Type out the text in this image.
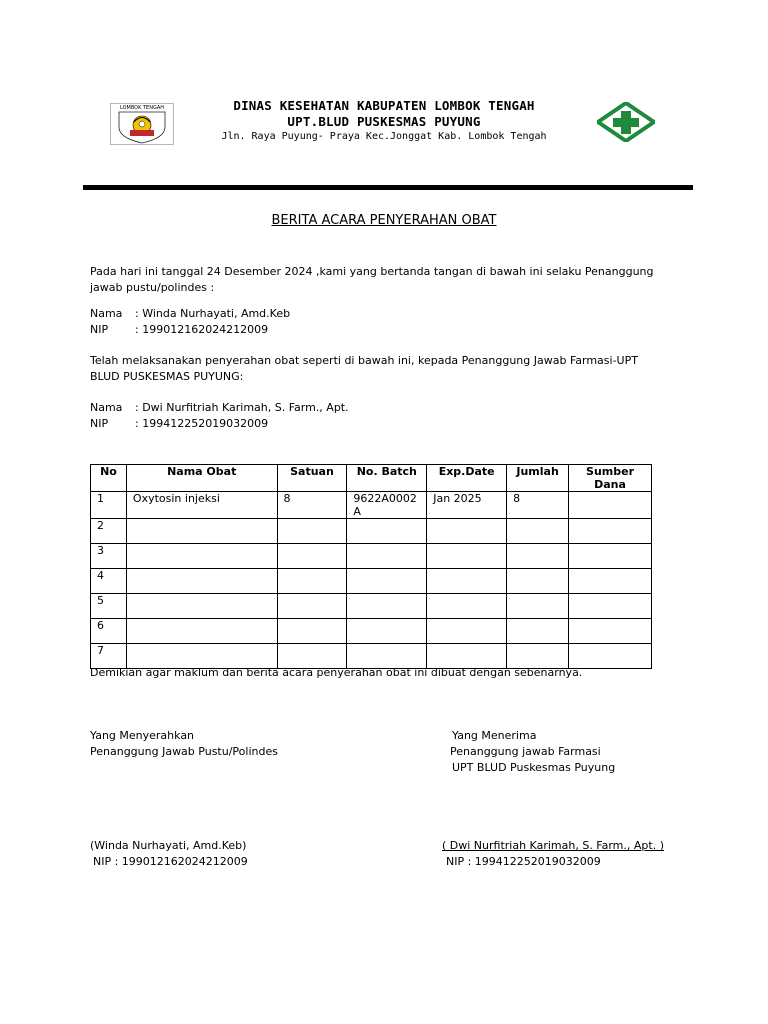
LOMBOK TENGAH	DINAS KESEHATAN KABUPATEN LOMBOK TENGAH
UPT.BLUD PUSKESMAS PUYUNG
Jln. Raya Puyung- Praya Kec.Jonggat Kab. Lombok Tengah
BERITA ACARA PENYERAHAN OBAT
Pada hari ini tanggal 24 Desember 2024 ,kami yang bertanda tangan di bawah ini selaku Penanggung
jawab pustu/polindes :
Nama : Winda Nurhayati, Amd.Keb
NIP : 199012162024212009
Telah melaksanakan penyerahan obat seperti di bawah ini, kepada Penanggung Jawab Farmasi-UPT
BLUD PUSKESMAS PUYUNG:
Nama : Dwi Nurfitriah Karimah, S. Farm., Apt.
NIP : 199412252019032009
No	Nama Obat	Satuan	No. Batch	Exp.Date	Jumlah	Sumber Dana
1	Oxytosin injeksi	8	9622A0002 A	Jan 2025	8	
2						
3						
4						
5						
6						
7						
Demikian agar maklum dan berita acara penyerahan obat ini dibuat dengan sebenarnya.
Yang Menyerahkan
Penanggung Jawab Pustu/Polindes
Yang Menerima
Penanggung jawab Farmasi
UPT BLUD Puskesmas Puyung
(Winda Nurhayati, Amd.Keb)
NIP : 199012162024212009
( Dwi Nurfitriah Karimah, S. Farm., Apt. )
NIP : 199412252019032009
